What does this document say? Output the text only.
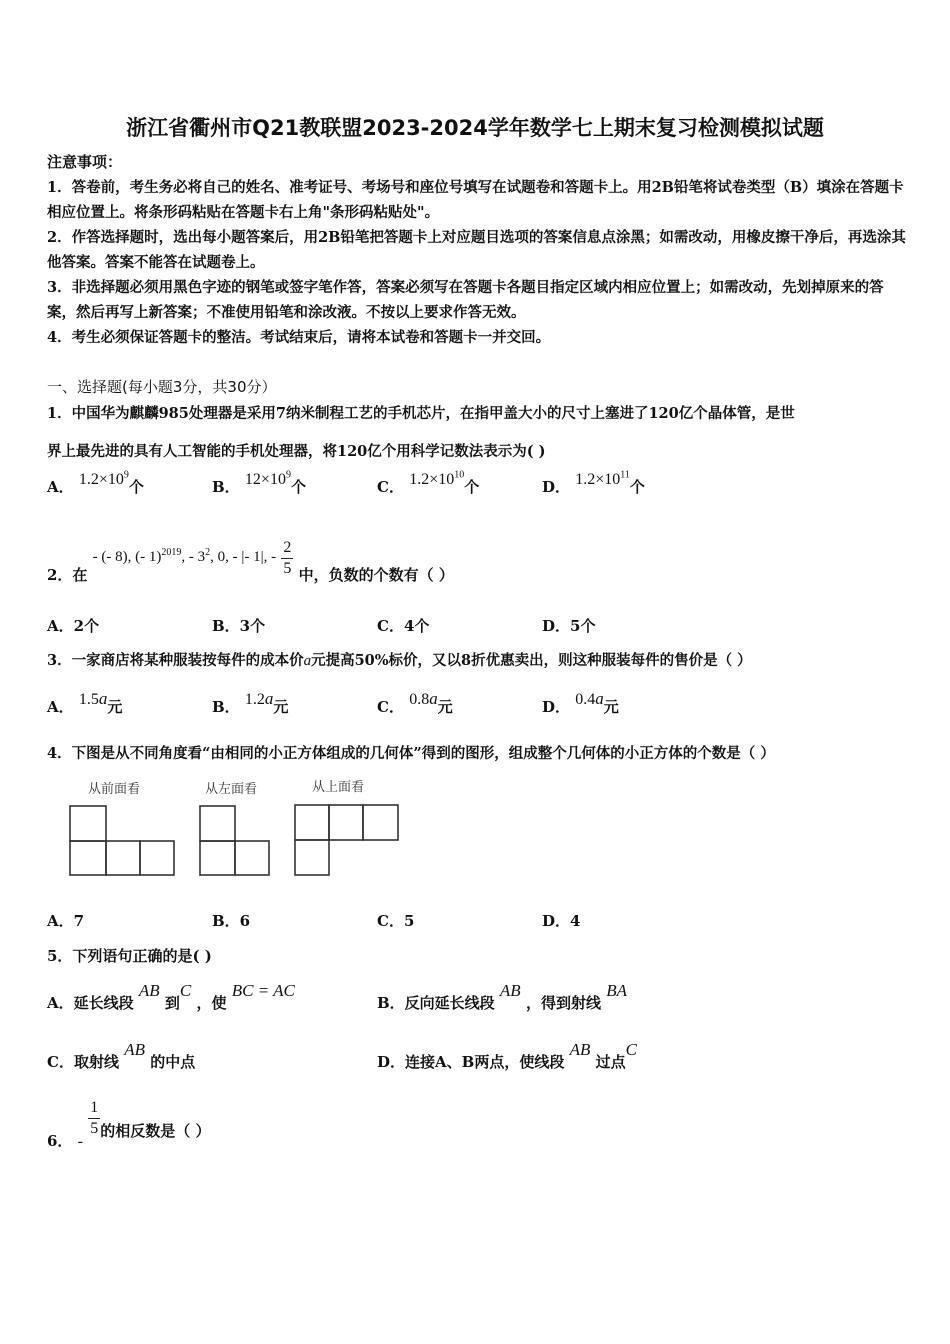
浙江省衢州市Q21教联盟2023-2024学年数学七上期末复习检测模拟试题
注意事项：
1．答卷前，考生务必将自己的姓名、准考证号、考场号和座位号填写在试题卷和答题卡上。用2B铅笔将试卷类型（B）填涂在答题卡相应位置上。将条形码粘贴在答题卡右上角"条形码粘贴处"。
2．作答选择题时，选出每小题答案后，用2B铅笔把答题卡上对应题目选项的答案信息点涂黑；如需改动，用橡皮擦干净后，再选涂其他答案。答案不能答在试题卷上。
3．非选择题必须用黑色字迹的钢笔或签字笔作答，答案必须写在答题卡各题目指定区域内相应位置上；如需改动，先划掉原来的答案，然后再写上新答案；不准使用铅笔和涂改液。不按以上要求作答无效。
4．考生必须保证答题卡的整洁。考试结束后，请将本试卷和答题卡一并交回。
一、选择题(每小题3分，共30分）
1．中国华为麒麟985处理器是采用7纳米制程工艺的手机芯片，在指甲盖大小的尺寸上塞进了120亿个晶体管，是世
界上最先进的具有人工智能的手机处理器，将120亿个用科学记数法表示为( )
A． $1.2\times 10^9$个	B． $12\times 10^9$个	C． $1.2\times 10^{10}$个	D． $1.2\times 10^{11}$个
2．在 - (- 8), (- 1)$^{2019}$, - $3^2$, 0, - |- 1|, - $\frac{2}{5}$ 中，负数的个数有（ ）
A．2个	B．3个	C．4个	D．5个
3．一家商店将某种服装按每件的成本价a元提高50%标价，又以8折优惠卖出，则这种服装每件的售价是（ ）
A． 1.5a元	B． 1.2a元	C． 0.8a元	D． 0.4a元
4．下图是从不同角度看“由相同的小正方体组成的几何体”得到的图形，组成整个几何体的小正方体的个数是（ ）
从前面看	从左面看	从上面看
A．7	B．6	C．5	D．4
5．下列语句正确的是( )
A．延长线段 AB 到C ，使 BC = AC
B．反向延长线段 AB ，得到射线 BA
C．取射线 AB 的中点	D．连接A、B两点，使线段 AB 过点C
6． -
$\frac{1}{5}$ 的相反数是（ ）
